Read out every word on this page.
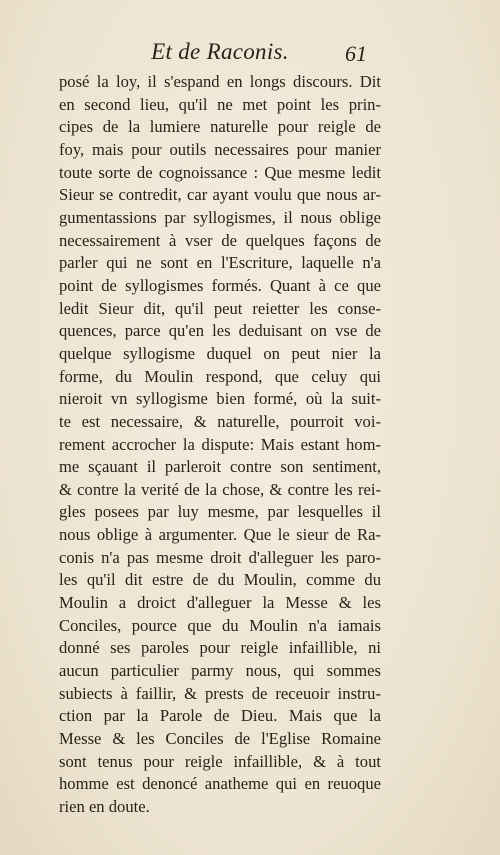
Et de Raconis.	61
posé la loy, il s'espand en longs discours. Dit
en second lieu, qu'il ne met point les prin-
cipes de la lumiere naturelle pour reigle de
foy, mais pour outils necessaires pour manier
toute sorte de cognoissance : Que mesme ledit
Sieur se contredit, car ayant voulu que nous ar-
gumentassions par syllogismes, il nous oblige
necessairement à vser de quelques façons de
parler qui ne sont en l'Escriture, laquelle n'a
point de syllogismes formés. Quant à ce que
ledit Sieur dit, qu'il peut reietter les conse-
quences, parce qu'en les deduisant on vse de
quelque syllogisme duquel on peut nier la
forme, du Moulin respond, que celuy qui
nieroit vn syllogisme bien formé, où la suit-
te est necessaire, & naturelle, pourroit voi-
rement accrocher la dispute: Mais estant hom-
me sçauant il parleroit contre son sentiment,
& contre la verité de la chose, & contre les rei-
gles posees par luy mesme, par lesquelles il
nous oblige à argumenter. Que le sieur de Ra-
conis n'a pas mesme droit d'alleguer les paro-
les qu'il dit estre de du Moulin, comme du
Moulin a droict d'alleguer la Messe & les
Conciles, pource que du Moulin n'a iamais
donné ses paroles pour reigle infaillible, ni
aucun particulier parmy nous, qui sommes
subiects à faillir, & prests de receuoir instru-
ction par la Parole de Dieu. Mais que la
Messe & les Conciles de l'Eglise Romaine
sont tenus pour reigle infaillible, & à tout
homme est denoncé anatheme qui en reuoque
rien en doute.
